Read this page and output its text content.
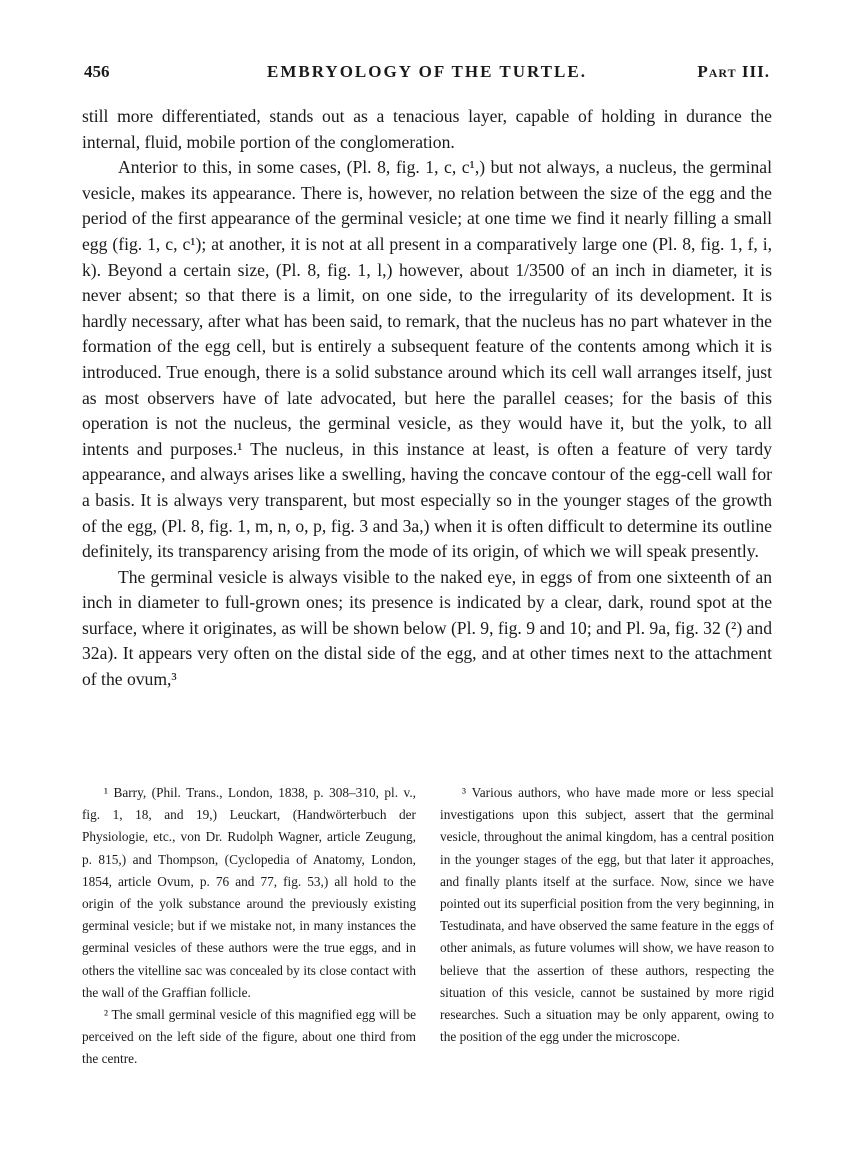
456	EMBRYOLOGY OF THE TURTLE.	Part III.

still more differentiated, stands out as a tenacious layer, capable of holding in durance the internal, fluid, mobile portion of the conglomeration.

Anterior to this, in some cases, (Pl. 8, fig. 1, c, c¹,) but not always, a nucleus, the germinal vesicle, makes its appearance. There is, however, no relation between the size of the egg and the period of the first appearance of the germinal vesicle; at one time we find it nearly filling a small egg (fig. 1, c, c¹); at another, it is not at all present in a comparatively large one (Pl. 8, fig. 1, f, i, k). Beyond a certain size, (Pl. 8, fig. 1, l,) however, about 1/3500 of an inch in diameter, it is never absent; so that there is a limit, on one side, to the irregularity of its development. It is hardly necessary, after what has been said, to remark, that the nucleus has no part whatever in the formation of the egg cell, but is entirely a subsequent feature of the contents among which it is introduced. True enough, there is a solid substance around which its cell wall arranges itself, just as most observers have of late advocated, but here the parallel ceases; for the basis of this operation is not the nucleus, the germinal vesicle, as they would have it, but the yolk, to all intents and purposes.¹ The nucleus, in this instance at least, is often a feature of very tardy appearance, and always arises like a swelling, having the concave contour of the egg-cell wall for a basis. It is always very transparent, but most especially so in the younger stages of the growth of the egg, (Pl. 8, fig. 1, m, n, o, p, fig. 3 and 3a,) when it is often difficult to determine its outline definitely, its transparency arising from the mode of its origin, of which we will speak presently.

The germinal vesicle is always visible to the naked eye, in eggs of from one sixteenth of an inch in diameter to full-grown ones; its presence is indicated by a clear, dark, round spot at the surface, where it originates, as will be shown below (Pl. 9, fig. 9 and 10; and Pl. 9a, fig. 32 (²) and 32a). It appears very often on the distal side of the egg, and at other times next to the attachment of the ovum,³

¹ Barry, (Phil. Trans., London, 1838, p. 308–310, pl. v., fig. 1, 18, and 19,) Leuckart, (Handwörterbuch der Physiologie, etc., von Dr. Rudolph Wagner, article Zeugung, p. 815,) and Thompson, (Cyclopedia of Anatomy, London, 1854, article Ovum, p. 76 and 77, fig. 53,) all hold to the origin of the yolk substance around the previously existing germinal vesicle; but if we mistake not, in many instances the germinal vesicles of these authors were the true eggs, and in others the vitelline sac was concealed by its close contact with the wall of the Graffian follicle.

² The small germinal vesicle of this magnified egg will be perceived on the left side of the figure, about one third from the centre.

³ Various authors, who have made more or less special investigations upon this subject, assert that the germinal vesicle, throughout the animal kingdom, has a central position in the younger stages of the egg, but that later it approaches, and finally plants itself at the surface. Now, since we have pointed out its superficial position from the very beginning, in Testudinata, and have observed the same feature in the eggs of other animals, as future volumes will show, we have reason to believe that the assertion of these authors, respecting the situation of this vesicle, cannot be sustained by more rigid researches. Such a situation may be only apparent, owing to the position of the egg under the microscope.
